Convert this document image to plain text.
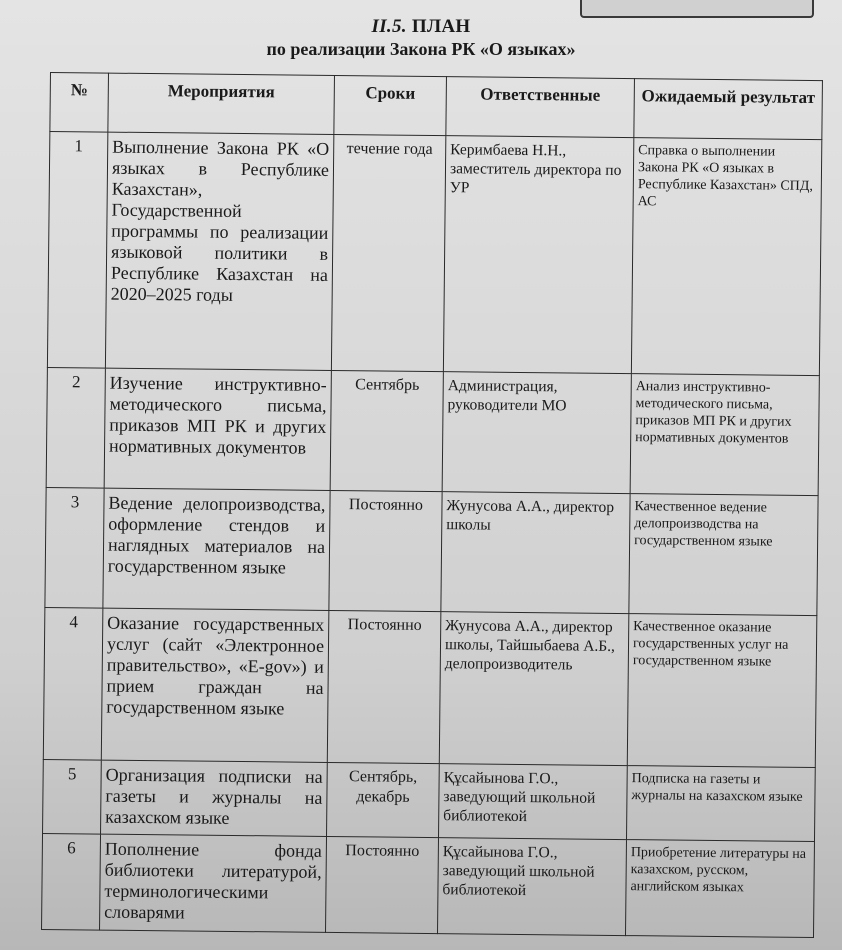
II.5. ПЛАН
по реализации Закона РК «О языках»
№	Мероприятия	Сроки	Ответственные	Ожидаемый результат
1	Выполнение Закона РК «О языках в Республике Казахстан», Государственной программы по реализации языковой политики в Республике Казахстан на 2020–2025 годы	течение года	Керимбаева Н.Н., заместитель директора по УР	Справка о выполнении Закона РК «О языках в Республике Казахстан» СПД, АС
2	Изучение инструктивно-методического письма, приказов МП РК и других нормативных документов	Сентябрь	Администрация, руководители МО	Анализ инструктивно-методического письма, приказов МП РК и других нормативных документов
3	Ведение делопроизводства, оформление стендов и наглядных материалов на государственном языке	Постоянно	Жунусова А.А., директор школы	Качественное ведение делопроизводства на государственном языке
4	Оказание государственных услуг (сайт «Электронное правительство», «E-gov») и прием граждан на государственном языке	Постоянно	Жунусова А.А., директор школы, Тайшыбаева А.Б., делопроизводитель	Качественное оказание государственных услуг на государственном языке
5	Организация подписки на газеты и журналы на казахском языке	Сентябрь, декабрь	Құсайынова Г.О., заведующий школьной библиотекой	Подписка на газеты и журналы на казахском языке
6	Пополнение фонда библиотеки литературой, терминологическими словарями	Постоянно	Құсайынова Г.О., заведующий школьной библиотекой	Приобретение литературы на казахском, русском, английском языках
